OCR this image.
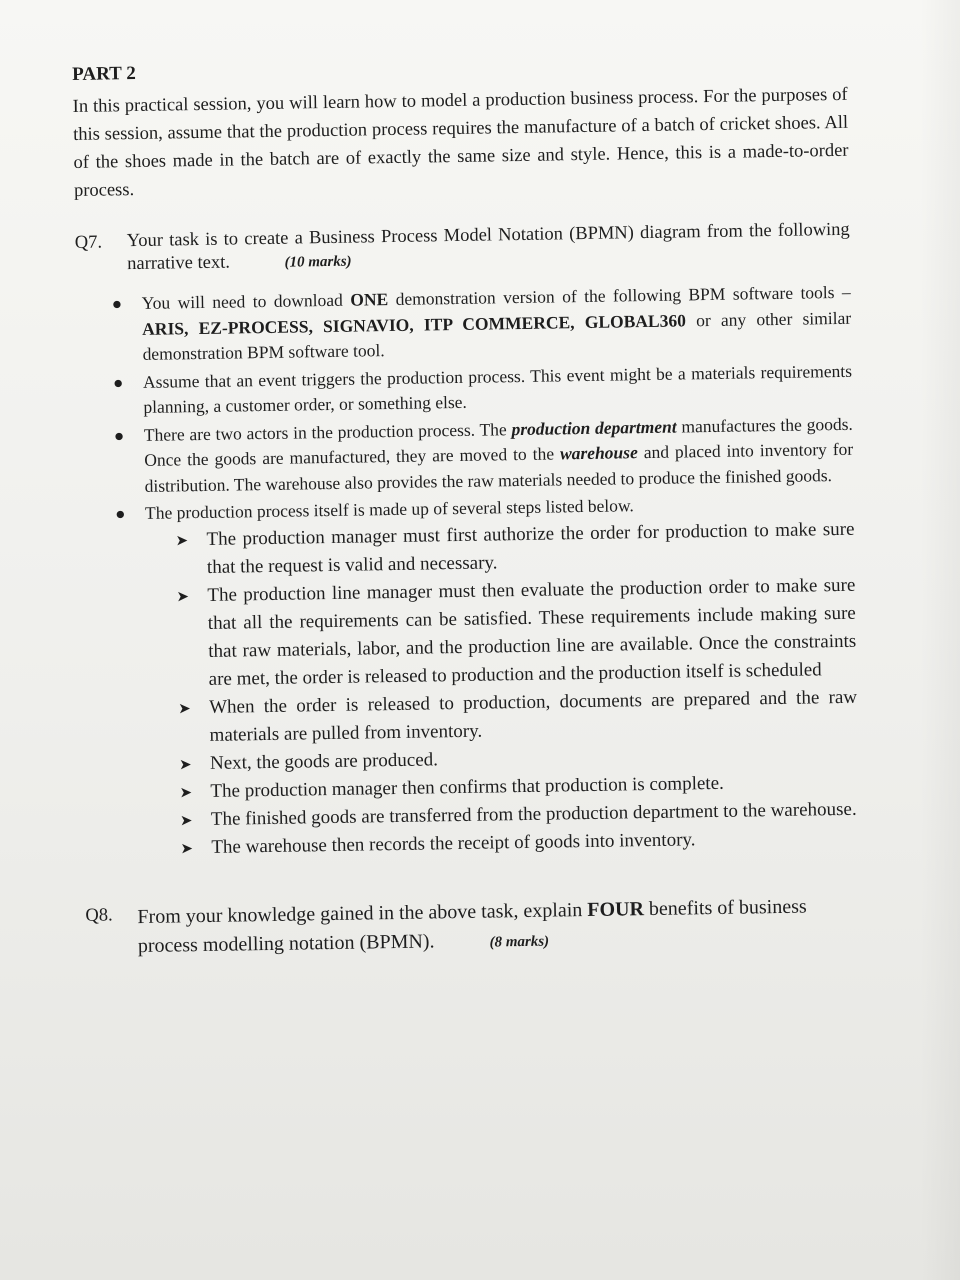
PART 2

In this practical session, you will learn how to model a production business process. For the purposes of this session, assume that the production process requires the manufacture of a batch of cricket shoes. All of the shoes made in the batch are of exactly the same size and style. Hence, this is a made-to-order process.

Q7.	Your task is to create a Business Process Model Notation (BPMN) diagram from the following narrative text.	(10 marks)
● You will need to download ONE demonstration version of the following BPM software tools – ARIS, EZ-PROCESS, SIGNAVIO, ITP COMMERCE, GLOBAL360 or any other similar demonstration BPM software tool.
● Assume that an event triggers the production process. This event might be a materials requirements planning, a customer order, or something else.
● There are two actors in the production process. The production department manufactures the goods. Once the goods are manufactured, they are moved to the warehouse and placed into inventory for distribution. The warehouse also provides the raw materials needed to produce the finished goods.
● The production process itself is made up of several steps listed below.
➤ The production manager must first authorize the order for production to make sure that the request is valid and necessary.
➤ The production line manager must then evaluate the production order to make sure that all the requirements can be satisfied. These requirements include making sure that raw materials, labor, and the production line are available. Once the constraints are met, the order is released to production and the production itself is scheduled
➤ When the order is released to production, documents are prepared and the raw materials are pulled from inventory.
➤ Next, the goods are produced.
➤ The production manager then confirms that production is complete.
➤ The finished goods are transferred from the production department to the warehouse.
➤ The warehouse then records the receipt of goods into inventory.
Q8.	From your knowledge gained in the above task, explain FOUR benefits of business process modelling notation (BPMN).	(8 marks)
